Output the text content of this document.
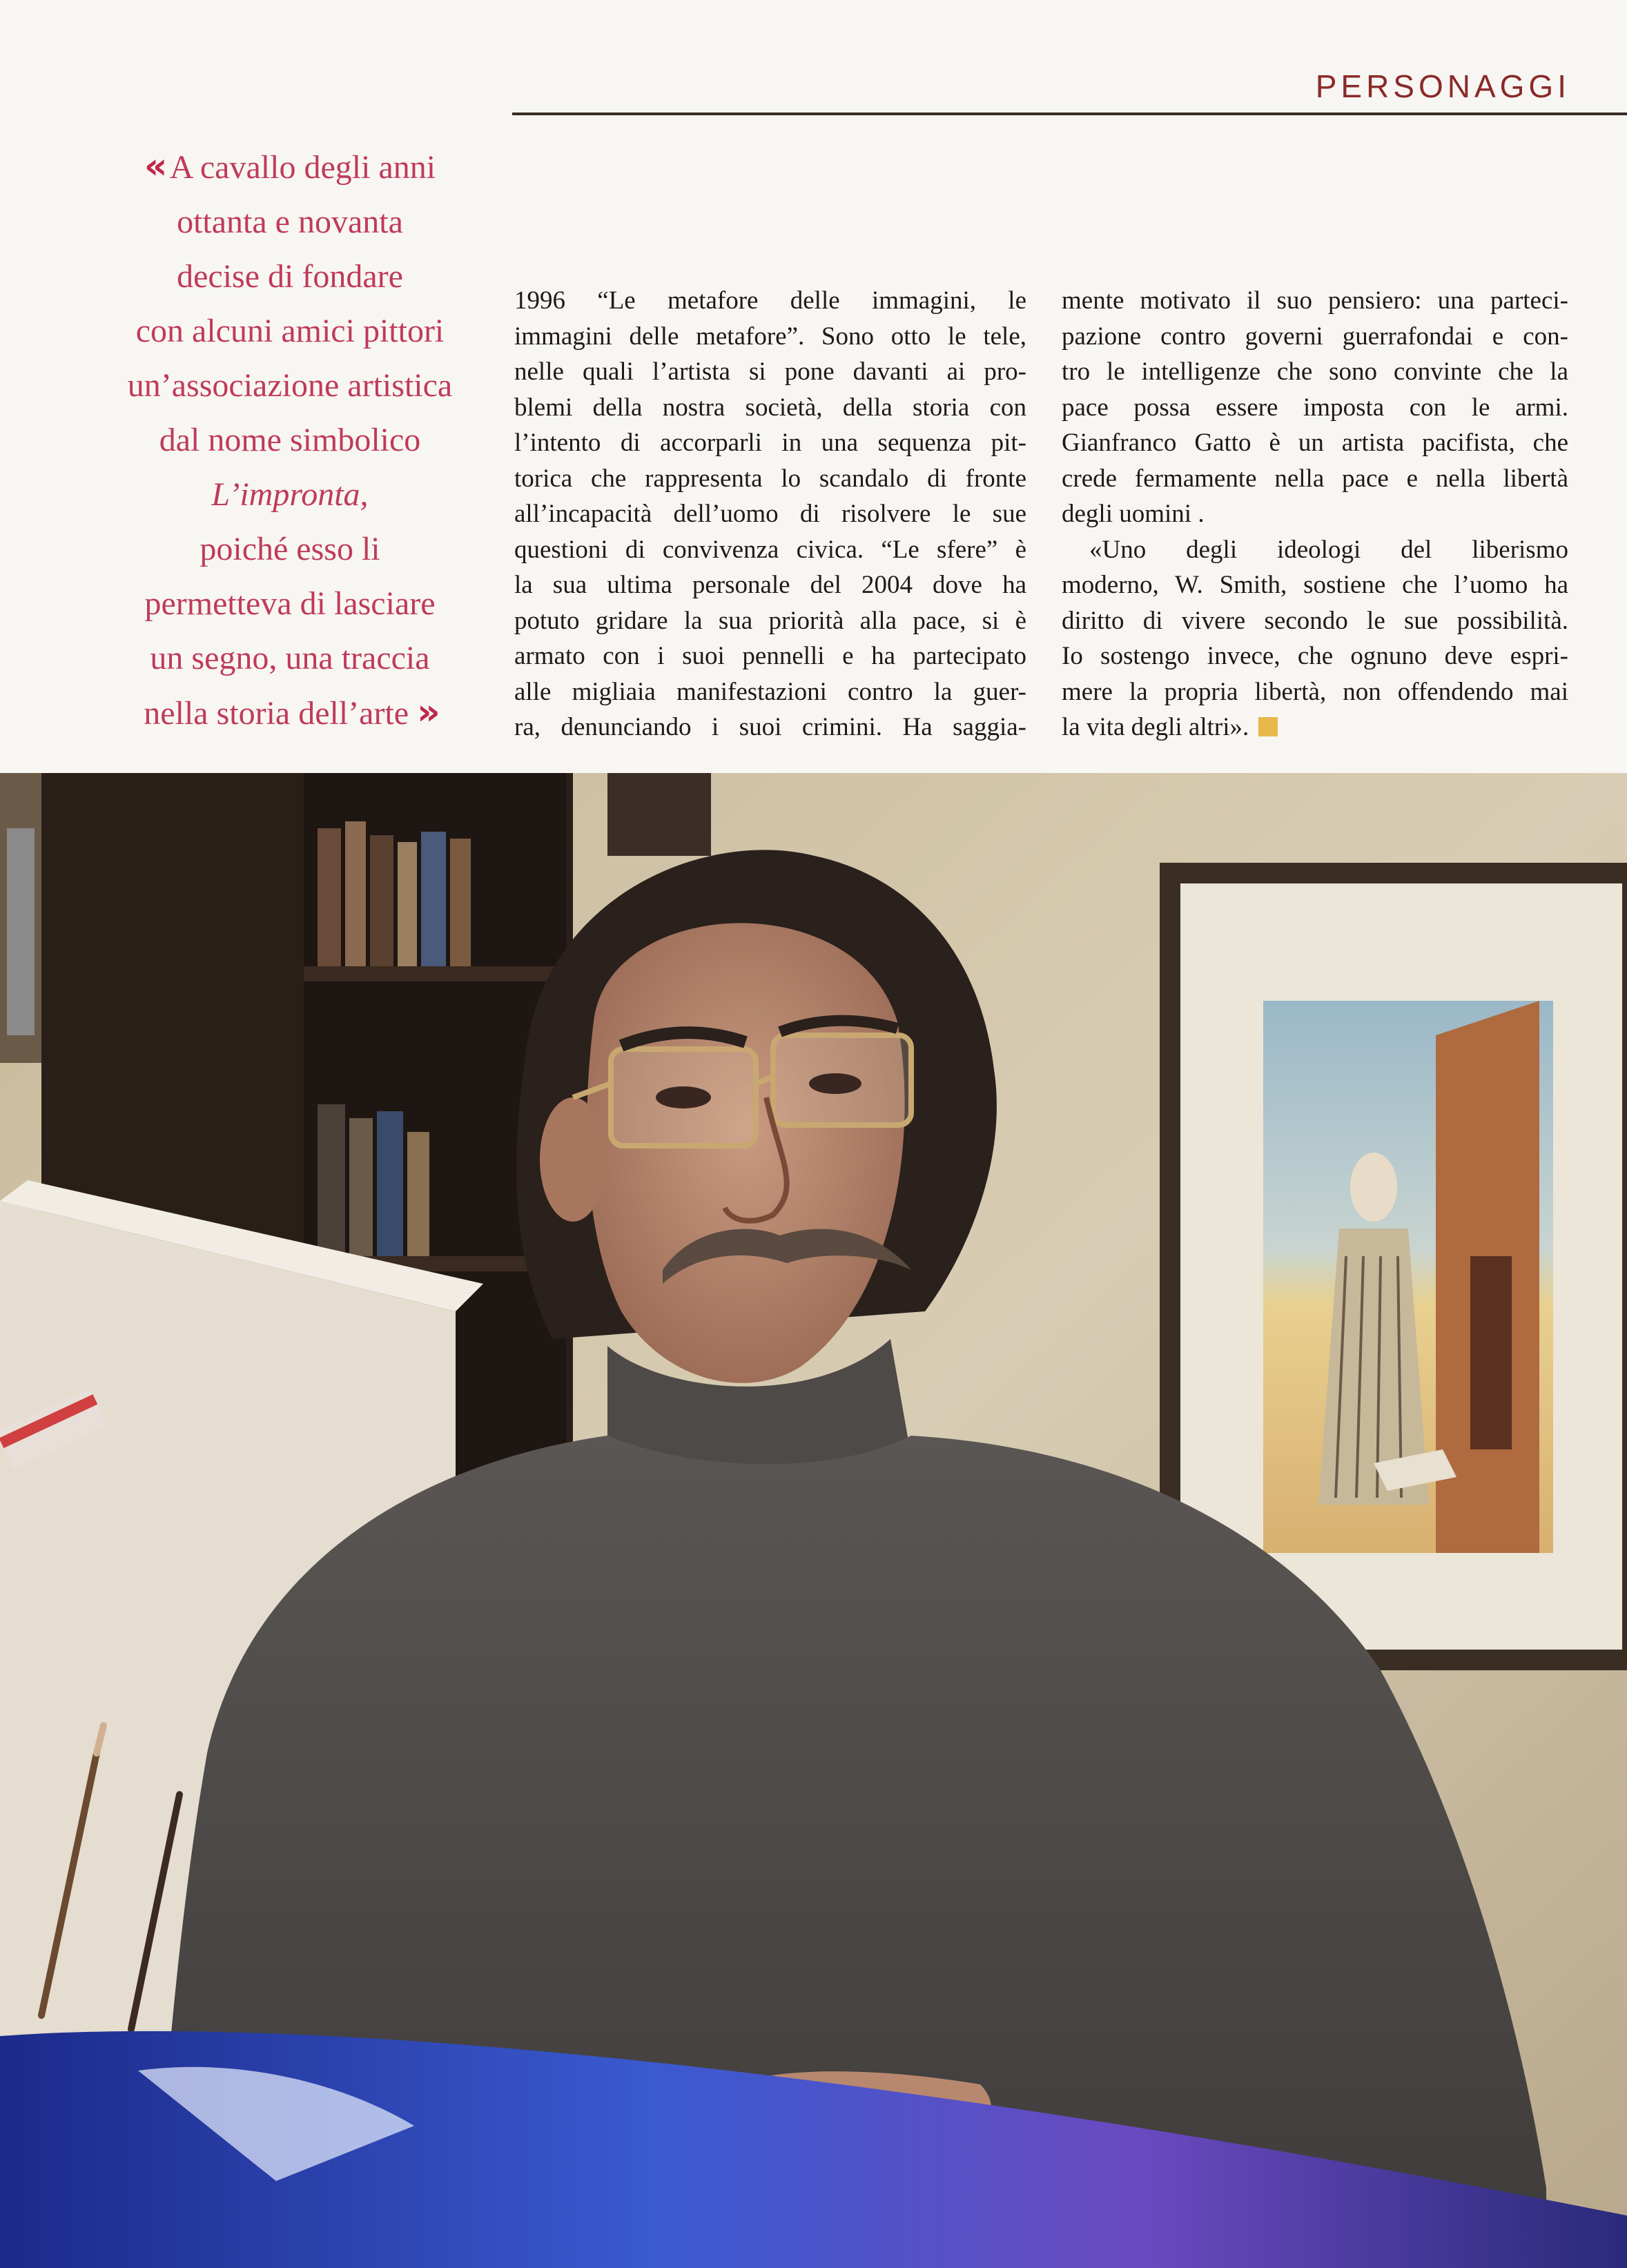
PERSONAGGI
« A cavallo degli anni
ottanta e novanta
decise di fondare
con alcuni amici pittori
un’associazione artistica
dal nome simbolico
L’impronta,
poiché esso li
permetteva di lasciare
un segno, una traccia
nella storia dell’arte »
1996 “Le metafore delle immagini, le
immagini delle metafore”. Sono otto le tele,
nelle quali l’artista si pone davanti ai pro-
blemi della nostra società, della storia con
l’intento di accorparli in una sequenza pit-
torica che rappresenta lo scandalo di fronte
all’incapacità dell’uomo di risolvere le sue
questioni di convivenza civica. “Le sfere” è
la sua ultima personale del 2004 dove ha
potuto gridare la sua priorità alla pace, si è
armato con i suoi pennelli e ha partecipato
alle migliaia manifestazioni contro la guer-
ra, denunciando i suoi crimini. Ha saggia-
mente motivato il suo pensiero: una parteci-
pazione contro governi guerrafondai e con-
tro le intelligenze che sono convinte che la
pace possa essere imposta con le armi.
Gianfranco Gatto è un artista pacifista, che
crede fermamente nella pace e nella libertà
degli uomini .
«Uno degli ideologi del liberismo
moderno, W. Smith, sostiene che l’uomo ha
diritto di vivere secondo le sue possibilità.
Io sostengo invece, che ognuno deve espri-
mere la propria libertà, non offendendo mai
la vita degli altri».
